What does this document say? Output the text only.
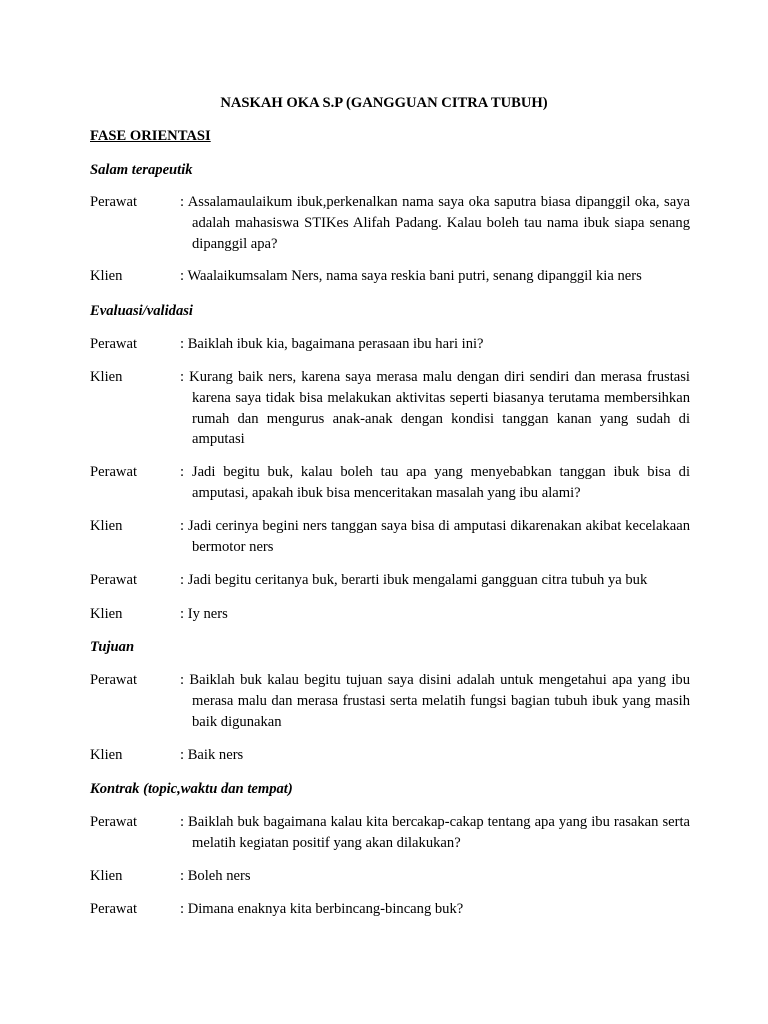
NASKAH OKA S.P (GANGGUAN CITRA TUBUH)
FASE ORIENTASI
Salam terapeutik
Perawat	: Assalamaulaikum ibuk,perkenalkan nama saya oka saputra biasa dipanggil oka, saya adalah mahasiswa STIKes Alifah Padang. Kalau boleh tau nama ibuk siapa senang dipanggil apa?
Klien	: Waalaikumsalam Ners, nama saya reskia bani putri, senang dipanggil kia ners
Evaluasi/validasi
Perawat	: Baiklah ibuk kia, bagaimana perasaan ibu hari ini?
Klien	: Kurang baik ners, karena saya merasa malu dengan diri sendiri dan merasa frustasi karena saya tidak bisa melakukan aktivitas seperti biasanya terutama membersihkan rumah dan mengurus anak-anak dengan kondisi tanggan kanan yang sudah di amputasi
Perawat	: Jadi begitu buk, kalau boleh tau apa yang menyebabkan tanggan ibuk bisa di amputasi, apakah ibuk bisa menceritakan masalah yang ibu alami?
Klien	: Jadi cerinya begini ners tanggan saya bisa di amputasi dikarenakan akibat kecelakaan bermotor ners
Perawat	: Jadi begitu ceritanya buk, berarti ibuk mengalami gangguan citra tubuh ya buk
Klien	: Iy ners
Tujuan
Perawat	: Baiklah buk kalau begitu tujuan saya disini adalah untuk mengetahui apa yang ibu merasa malu dan merasa frustasi serta melatih fungsi bagian tubuh ibuk yang masih baik digunakan
Klien	: Baik ners
Kontrak (topic,waktu dan tempat)
Perawat	: Baiklah buk bagaimana kalau kita bercakap-cakap tentang apa yang ibu rasakan serta melatih kegiatan positif yang akan dilakukan?
Klien	: Boleh ners
Perawat	: Dimana enaknya kita berbincang-bincang buk?
